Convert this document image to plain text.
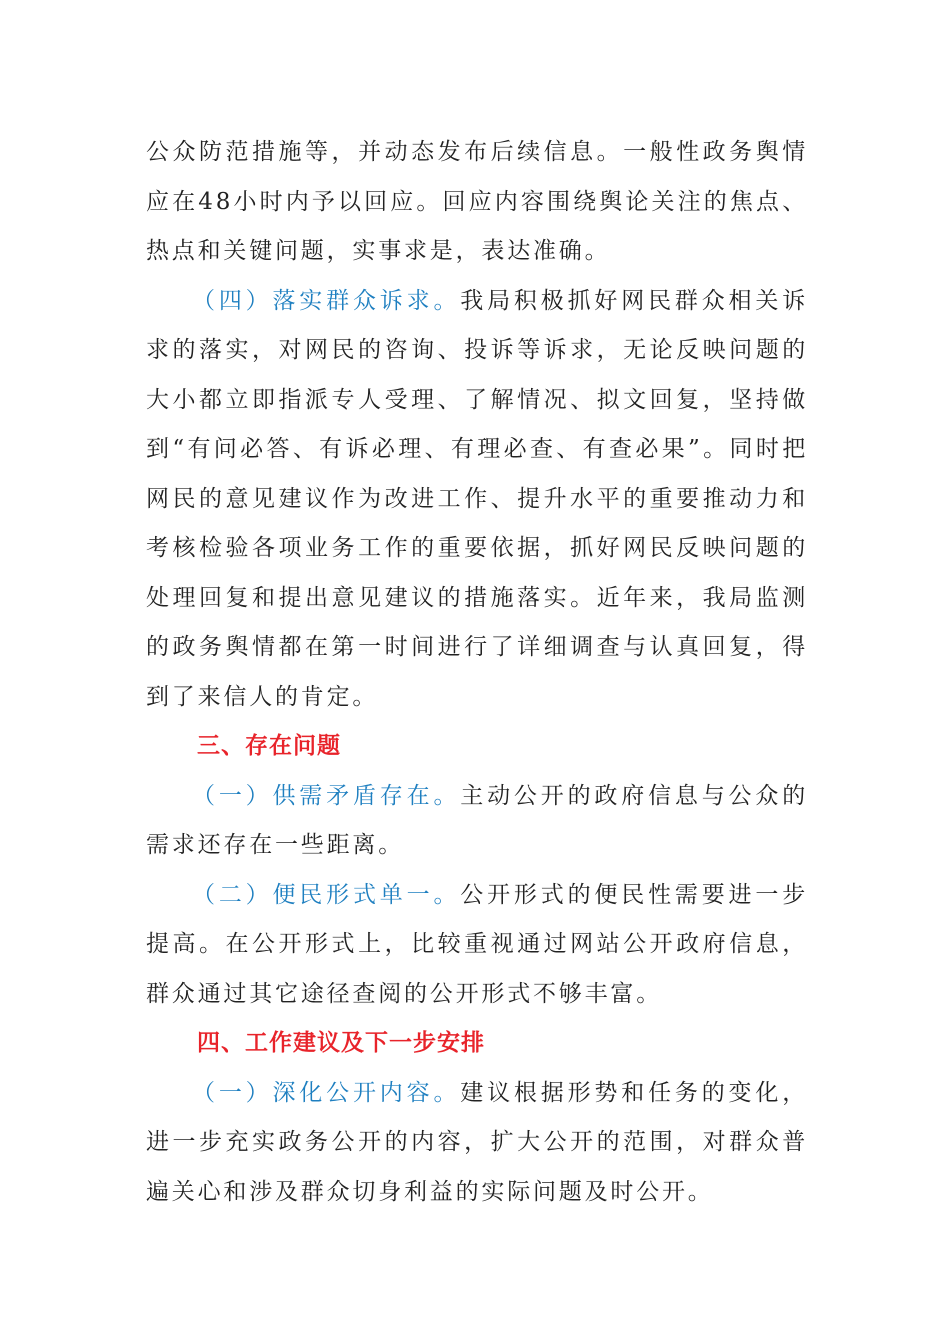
公众防范措施等，并动态发布后续信息。一般性政务舆情应在48小时内予以回应。回应内容围绕舆论关注的焦点、热点和关键问题，实事求是，表达准确。

（四）落实群众诉求。我局积极抓好网民群众相关诉求的落实，对网民的咨询、投诉等诉求，无论反映问题的大小都立即指派专人受理、了解情况、拟文回复，坚持做到“有问必答、有诉必理、有理必查、有查必果”。同时把网民的意见建议作为改进工作、提升水平的重要推动力和考核检验各项业务工作的重要依据，抓好网民反映问题的处理回复和提出意见建议的措施落实。近年来，我局监测的政务舆情都在第一时间进行了详细调查与认真回复，得到了来信人的肯定。

三、存在问题

（一）供需矛盾存在。主动公开的政府信息与公众的需求还存在一些距离。

（二）便民形式单一。公开形式的便民性需要进一步提高。在公开形式上，比较重视通过网站公开政府信息，群众通过其它途径查阅的公开形式不够丰富。

四、工作建议及下一步安排

（一）深化公开内容。建议根据形势和任务的变化，进一步充实政务公开的内容，扩大公开的范围，对群众普遍关心和涉及群众切身利益的实际问题及时公开。
